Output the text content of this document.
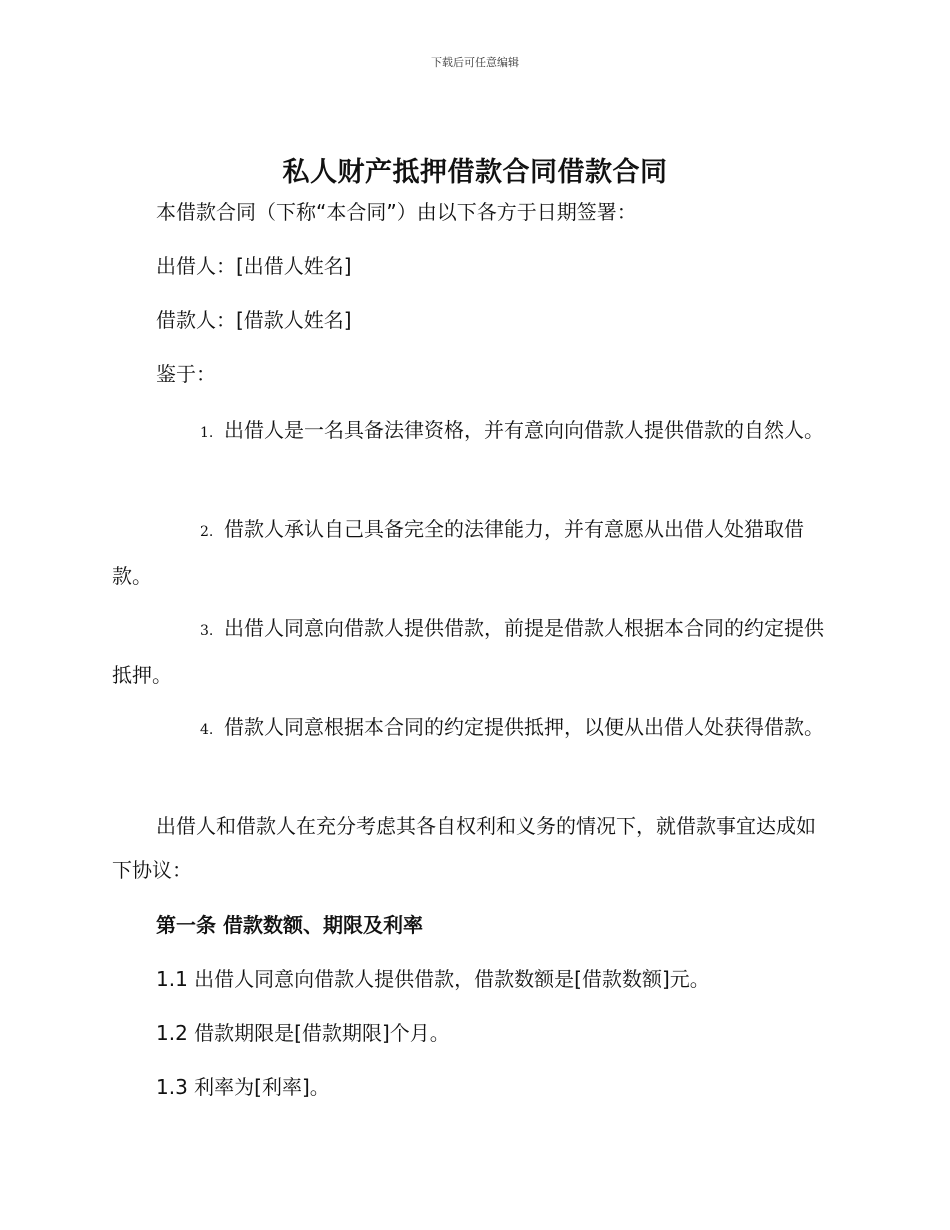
下载后可任意编辑
私人财产抵押借款合同借款合同

本借款合同（下称“本合同”）由以下各方于日期签署：

出借人：[出借人姓名]

借款人：[借款人姓名]

鉴于：

1. 出借人是一名具备法律资格，并有意向向借款人提供借款的自然人。

2. 借款人承认自己具备完全的法律能力，并有意愿从出借人处猎取借款。

3. 出借人同意向借款人提供借款，前提是借款人根据本合同的约定提供抵押。

4. 借款人同意根据本合同的约定提供抵押，以便从出借人处获得借款。

出借人和借款人在充分考虑其各自权利和义务的情况下，就借款事宜达成如下协议：

第一条 借款数额、期限及利率

1.1 出借人同意向借款人提供借款，借款数额是[借款数额]元。

1.2 借款期限是[借款期限]个月。

1.3 利率为[利率]。
